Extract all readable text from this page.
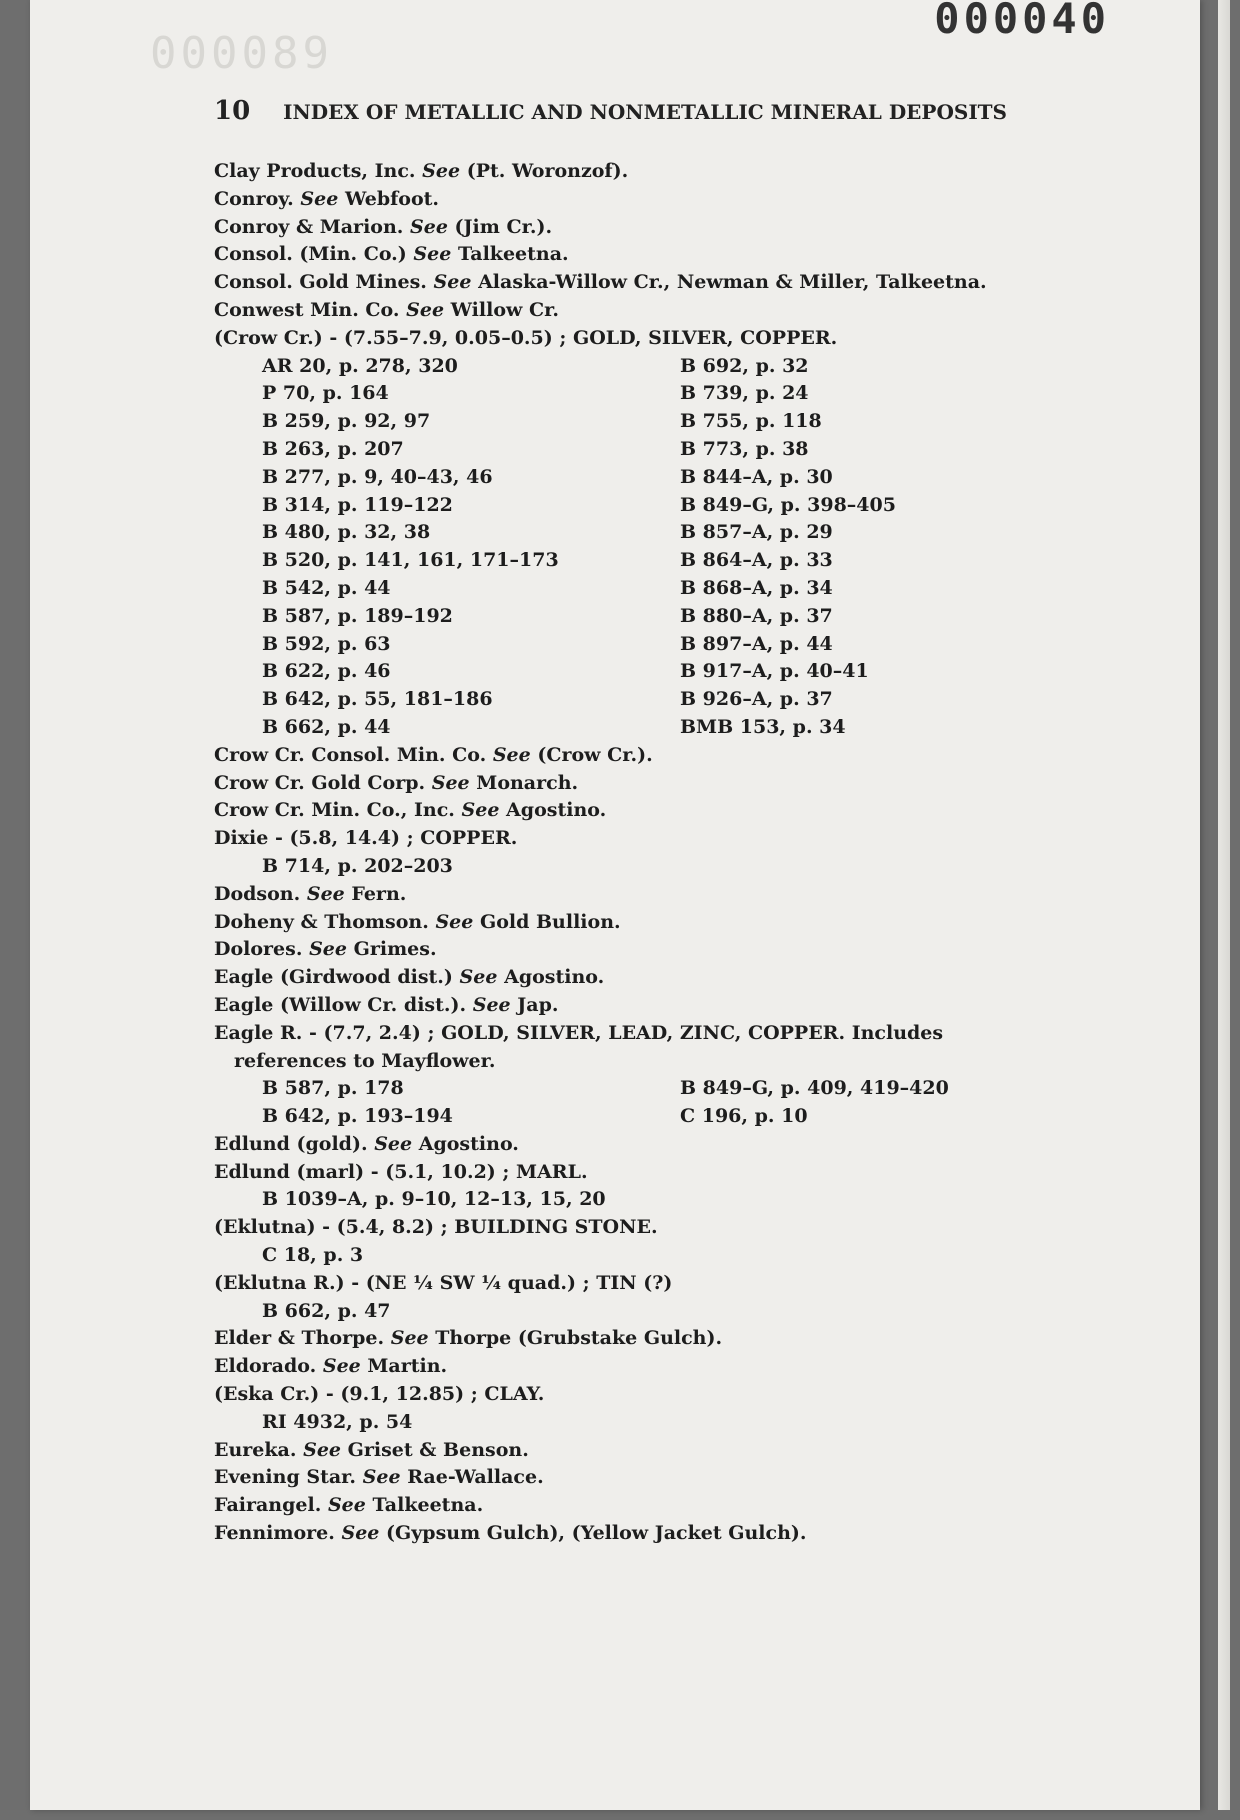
000040
000089
10 INDEX OF METALLIC AND NONMETALLIC MINERAL DEPOSITS
Clay Products, Inc. See (Pt. Woronzof).
Conroy. See Webfoot.
Conroy & Marion. See (Jim Cr.).
Consol. (Min. Co.) See Talkeetna.
Consol. Gold Mines. See Alaska-Willow Cr., Newman & Miller, Talkeetna.
Conwest Min. Co. See Willow Cr.
(Crow Cr.) - (7.55–7.9, 0.05–0.5) ; GOLD, SILVER, COPPER.
AR 20, p. 278, 320	B 692, p. 32
P 70, p. 164	B 739, p. 24
B 259, p. 92, 97	B 755, p. 118
B 263, p. 207	B 773, p. 38
B 277, p. 9, 40–43, 46	B 844–A, p. 30
B 314, p. 119–122	B 849–G, p. 398–405
B 480, p. 32, 38	B 857–A, p. 29
B 520, p. 141, 161, 171–173	B 864–A, p. 33
B 542, p. 44	B 868–A, p. 34
B 587, p. 189–192	B 880–A, p. 37
B 592, p. 63	B 897–A, p. 44
B 622, p. 46	B 917–A, p. 40–41
B 642, p. 55, 181–186	B 926–A, p. 37
B 662, p. 44	BMB 153, p. 34
Crow Cr. Consol. Min. Co. See (Crow Cr.).
Crow Cr. Gold Corp. See Monarch.
Crow Cr. Min. Co., Inc. See Agostino.
Dixie - (5.8, 14.4) ; COPPER.
B 714, p. 202–203
Dodson. See Fern.
Doheny & Thomson. See Gold Bullion.
Dolores. See Grimes.
Eagle (Girdwood dist.) See Agostino.
Eagle (Willow Cr. dist.). See Jap.
Eagle R. - (7.7, 2.4) ; GOLD, SILVER, LEAD, ZINC, COPPER. Includes
references to Mayflower.
B 587, p. 178	B 849–G, p. 409, 419–420
B 642, p. 193–194	C 196, p. 10
Edlund (gold). See Agostino.
Edlund (marl) - (5.1, 10.2) ; MARL.
B 1039–A, p. 9–10, 12–13, 15, 20
(Eklutna) - (5.4, 8.2) ; BUILDING STONE.
C 18, p. 3
(Eklutna R.) - (NE ¼ SW ¼ quad.) ; TIN (?)
B 662, p. 47
Elder & Thorpe. See Thorpe (Grubstake Gulch).
Eldorado. See Martin.
(Eska Cr.) - (9.1, 12.85) ; CLAY.
RI 4932, p. 54
Eureka. See Griset & Benson.
Evening Star. See Rae-Wallace.
Fairangel. See Talkeetna.
Fennimore. See (Gypsum Gulch), (Yellow Jacket Gulch).
